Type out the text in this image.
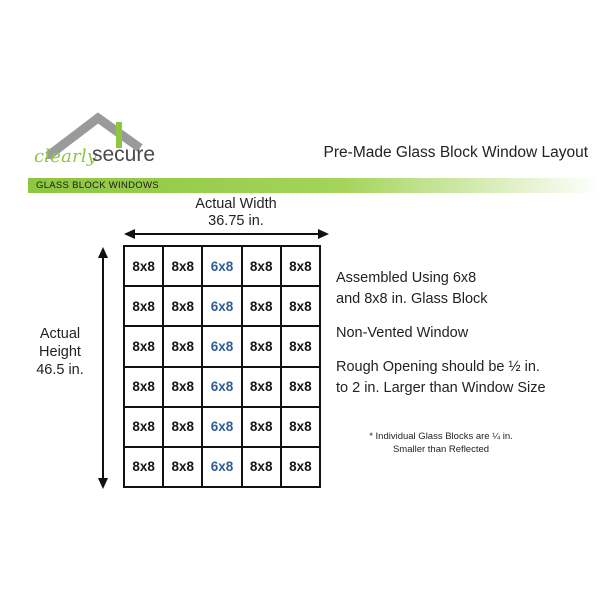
clearly
secure	Pre-Made Glass Block Window Layout
GLASS BLOCK WINDOWS
Actual Width
36.75 in.
Actual
Height
46.5 in.
8x8	8x8	6x8	8x8	8x8
8x8	8x8	6x8	8x8	8x8
8x8	8x8	6x8	8x8	8x8
8x8	8x8	6x8	8x8	8x8
8x8	8x8	6x8	8x8	8x8
8x8	8x8	6x8	8x8	8x8
Assembled Using 6x8
and 8x8 in. Glass Block
Non-Vented Window
Rough Opening should be ½ in.
to 2 in. Larger than Window Size
* Individual Glass Blocks are ¼ in.
Smaller than Reflected
